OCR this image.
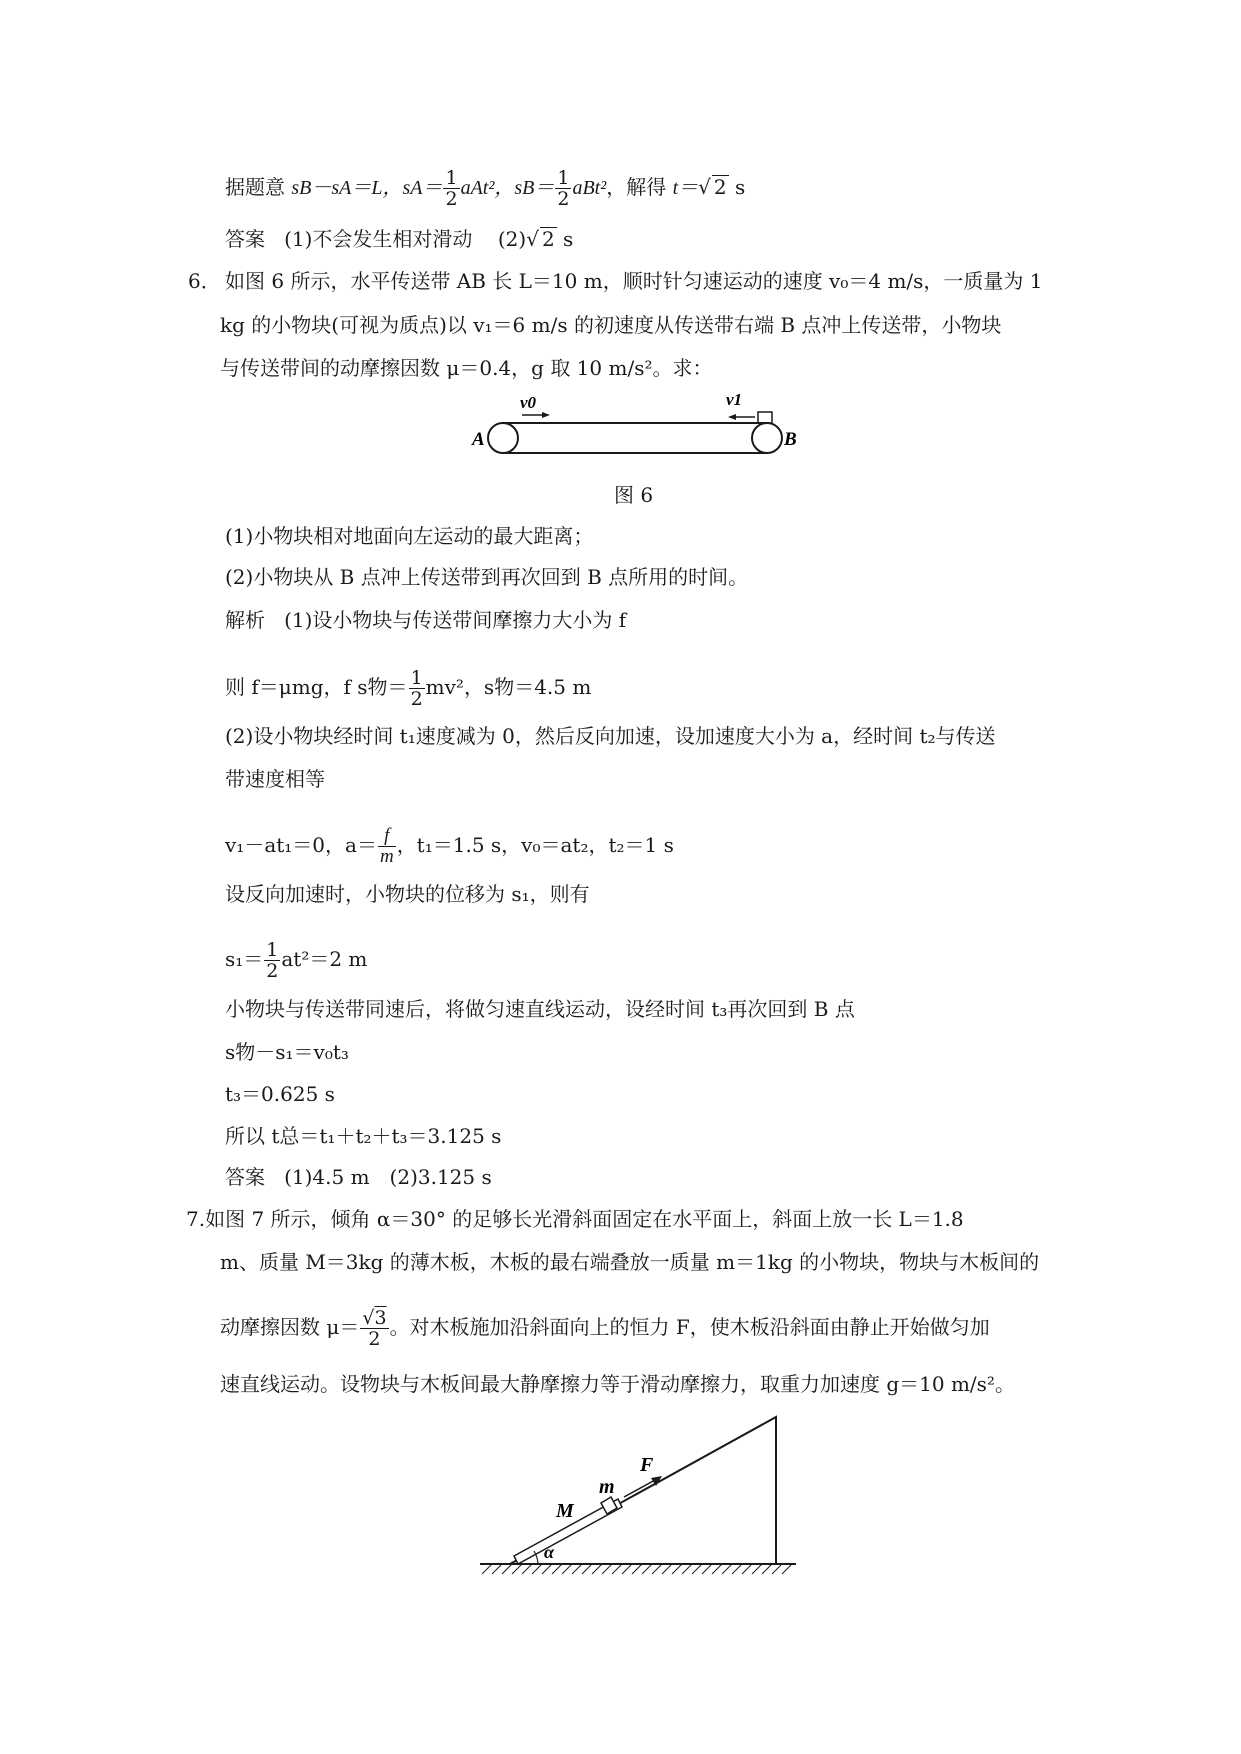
据题意 sB－sA＝L，$sA= \frac{1}{2} aAt^2$，$sB= \frac{1}{2} aBt^2$，解得 t＝ √ 2 s
答案 (1)不会发生相对滑动 (2) √ 2 s
6． 如图 6 所示，水平传送带 AB 长 L＝10 m，顺时针匀速运动的速度 v₀＝4 m/s，一质量为 1
kg 的小物块(可视为质点)以 v₁＝6 m/s 的初速度从传送带右端 B 点冲上传送带，小物块
与传送带间的动摩擦因数 μ＝0.4，g 取 10 m/s²。求：
v0	v1
A	B
图 6
(1)小物块相对地面向左运动的最大距离；
(2)小物块从 B 点冲上传送带到再次回到 B 点所用的时间。
解析 (1)设小物块与传送带间摩擦力大小为 f
则 f＝μmg，f s物＝ $\frac{1}{2} mv^2$，s物＝4.5 m
(2)设小物块经时间 t₁速度减为 0，然后反向加速，设加速度大小为 a，经时间 t₂与传送
带速度相等
v₁－at₁＝0，$a= \frac{f}{m}$ ，t₁＝1.5 s，v₀＝at₂，t₂＝1 s
设反向加速时，小物块的位移为 s₁，则有
$s_1= \frac{1}{2} at^2=2$ m
小物块与传送带同速后，将做匀速直线运动，设经时间 t₃再次回到 B 点
s物－s₁＝v₀t₃
t₃＝0.625 s
所以 t总＝t₁＋t₂＋t₃＝3.125 s
答案 (1)4.5 m　(2)3.125 s
7.如图 7 所示，倾角 α＝30° 的足够长光滑斜面固定在水平面上，斜面上放一长 L＝1.8
m、质量 M＝3kg 的薄木板，木板的最右端叠放一质量 m＝1kg 的小物块，物块与木板间的
动摩擦因数 μ＝ √ $\frac{3}{2}$ 。对木板施加沿斜面向上的恒力 F，使木板沿斜面由静止开始做匀加
速直线运动。设物块与木板间最大静摩擦力等于滑动摩擦力，取重力加速度 g＝10 m/s²。
m
F
M
α
